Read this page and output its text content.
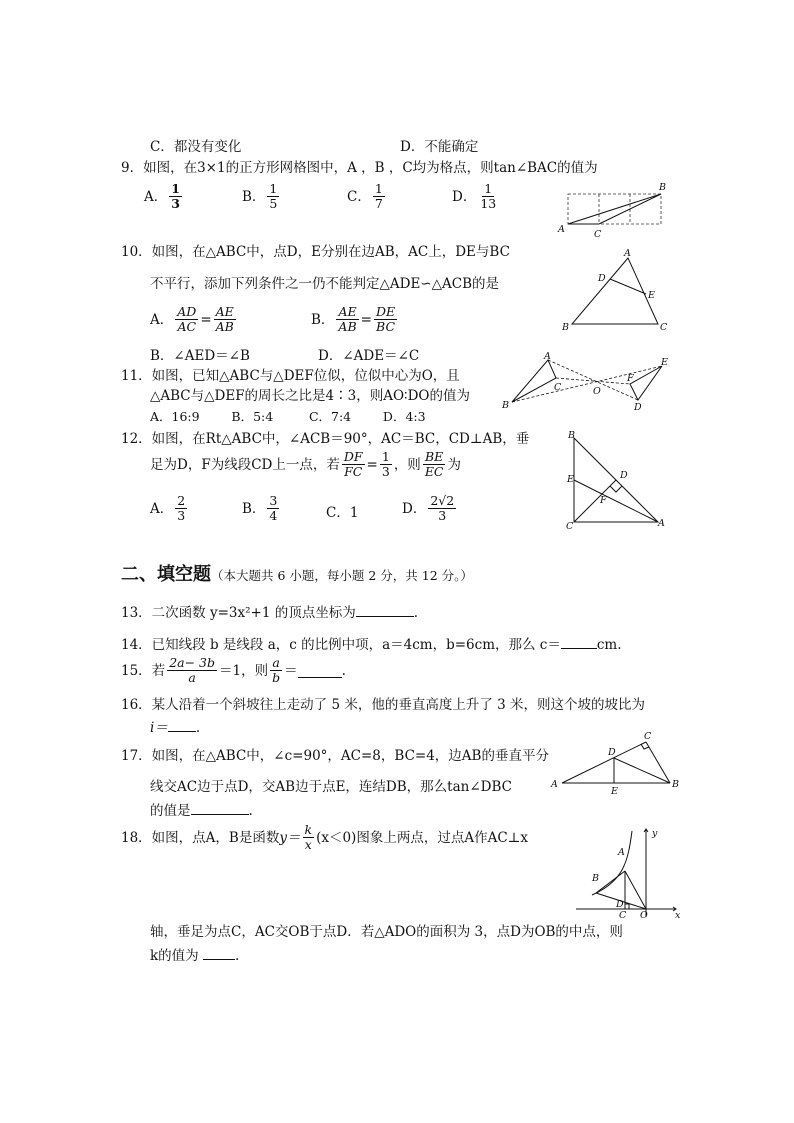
C．都没有变化	D．不能确定
9．如图，在3×1的正方形网格图中，A ，B ，C均为格点，则tan∠BAC的值为
A． $\frac{1}{3}$	B． $\frac{1}{5}$	C． $\frac{1}{7}$	D． $\frac{1}{13}$
A
B
C
10．如图，在△ABC中，点D，E分别在边AB，AC上，DE与BC
不平行，添加下列条件之一仍不能判定△ADE∽△ACB的是
A． $\frac{AD}{AC} = \frac{AE}{AB}$	B． $\frac{AE}{AB} = \frac{DE}{BC}$
B．∠AED＝∠B	D．∠ADE＝∠C
A
B	C
D
E
11．如图，已知△ABC与△DEF位似，位似中心为O，且
△ABC与△DEF的周长之比是4∶3，则AO∶DO的值为
A．16:9        B．5:4         C．7:4        D．4:3
A
B
C
D
E
F
O
12．如图，在Rt△ABC中，∠ACB＝90°，AC＝BC，CD⊥AB，垂
足为D，F为线段CD上一点，若 $\frac{DF}{FC} = \frac{1}{3}$ ，则 $\frac{BE}{EC}$ 为
A． $\frac{2}{3}$	B． $\frac{3}{4}$	C．1	D． $\frac{2√2}{3}$
B
C	A
D
E
F
二、填空题（本大题共 6 小题，每小题 2 分，共 12 分。）
13．二次函数 y=3x²+1 的顶点坐标为	.
14．已知线段 b 是线段 a，c 的比例中项，a＝4cm，b=6cm，那么 c＝	cm.
15．若 $\frac{2a- 3b}{a} =1$，则 $\frac{a}{b}$ ＝	.
16．某人沿着一个斜坡往上走动了 5 米，他的垂直高度上升了 3 米，则这个坡的坡比为
i＝ .
17．如图，在△ABC中，∠c=90°，AC=8，BC=4，边AB的垂直平分
线交AC边于点D，交AB边于点E，连结DB，那么tan∠DBC
的值是	.
A	B
C
D
E
18．如图，点A，B是函数 $y= \frac{k}{x} (x<0)$图象上两点，过点A作AC⊥x
轴，垂足为点C，AC交OB于点D．若△ADO的面积为 3，点D为OB的中点，则
k的值为	.
A
B
C
D
O	x
y
